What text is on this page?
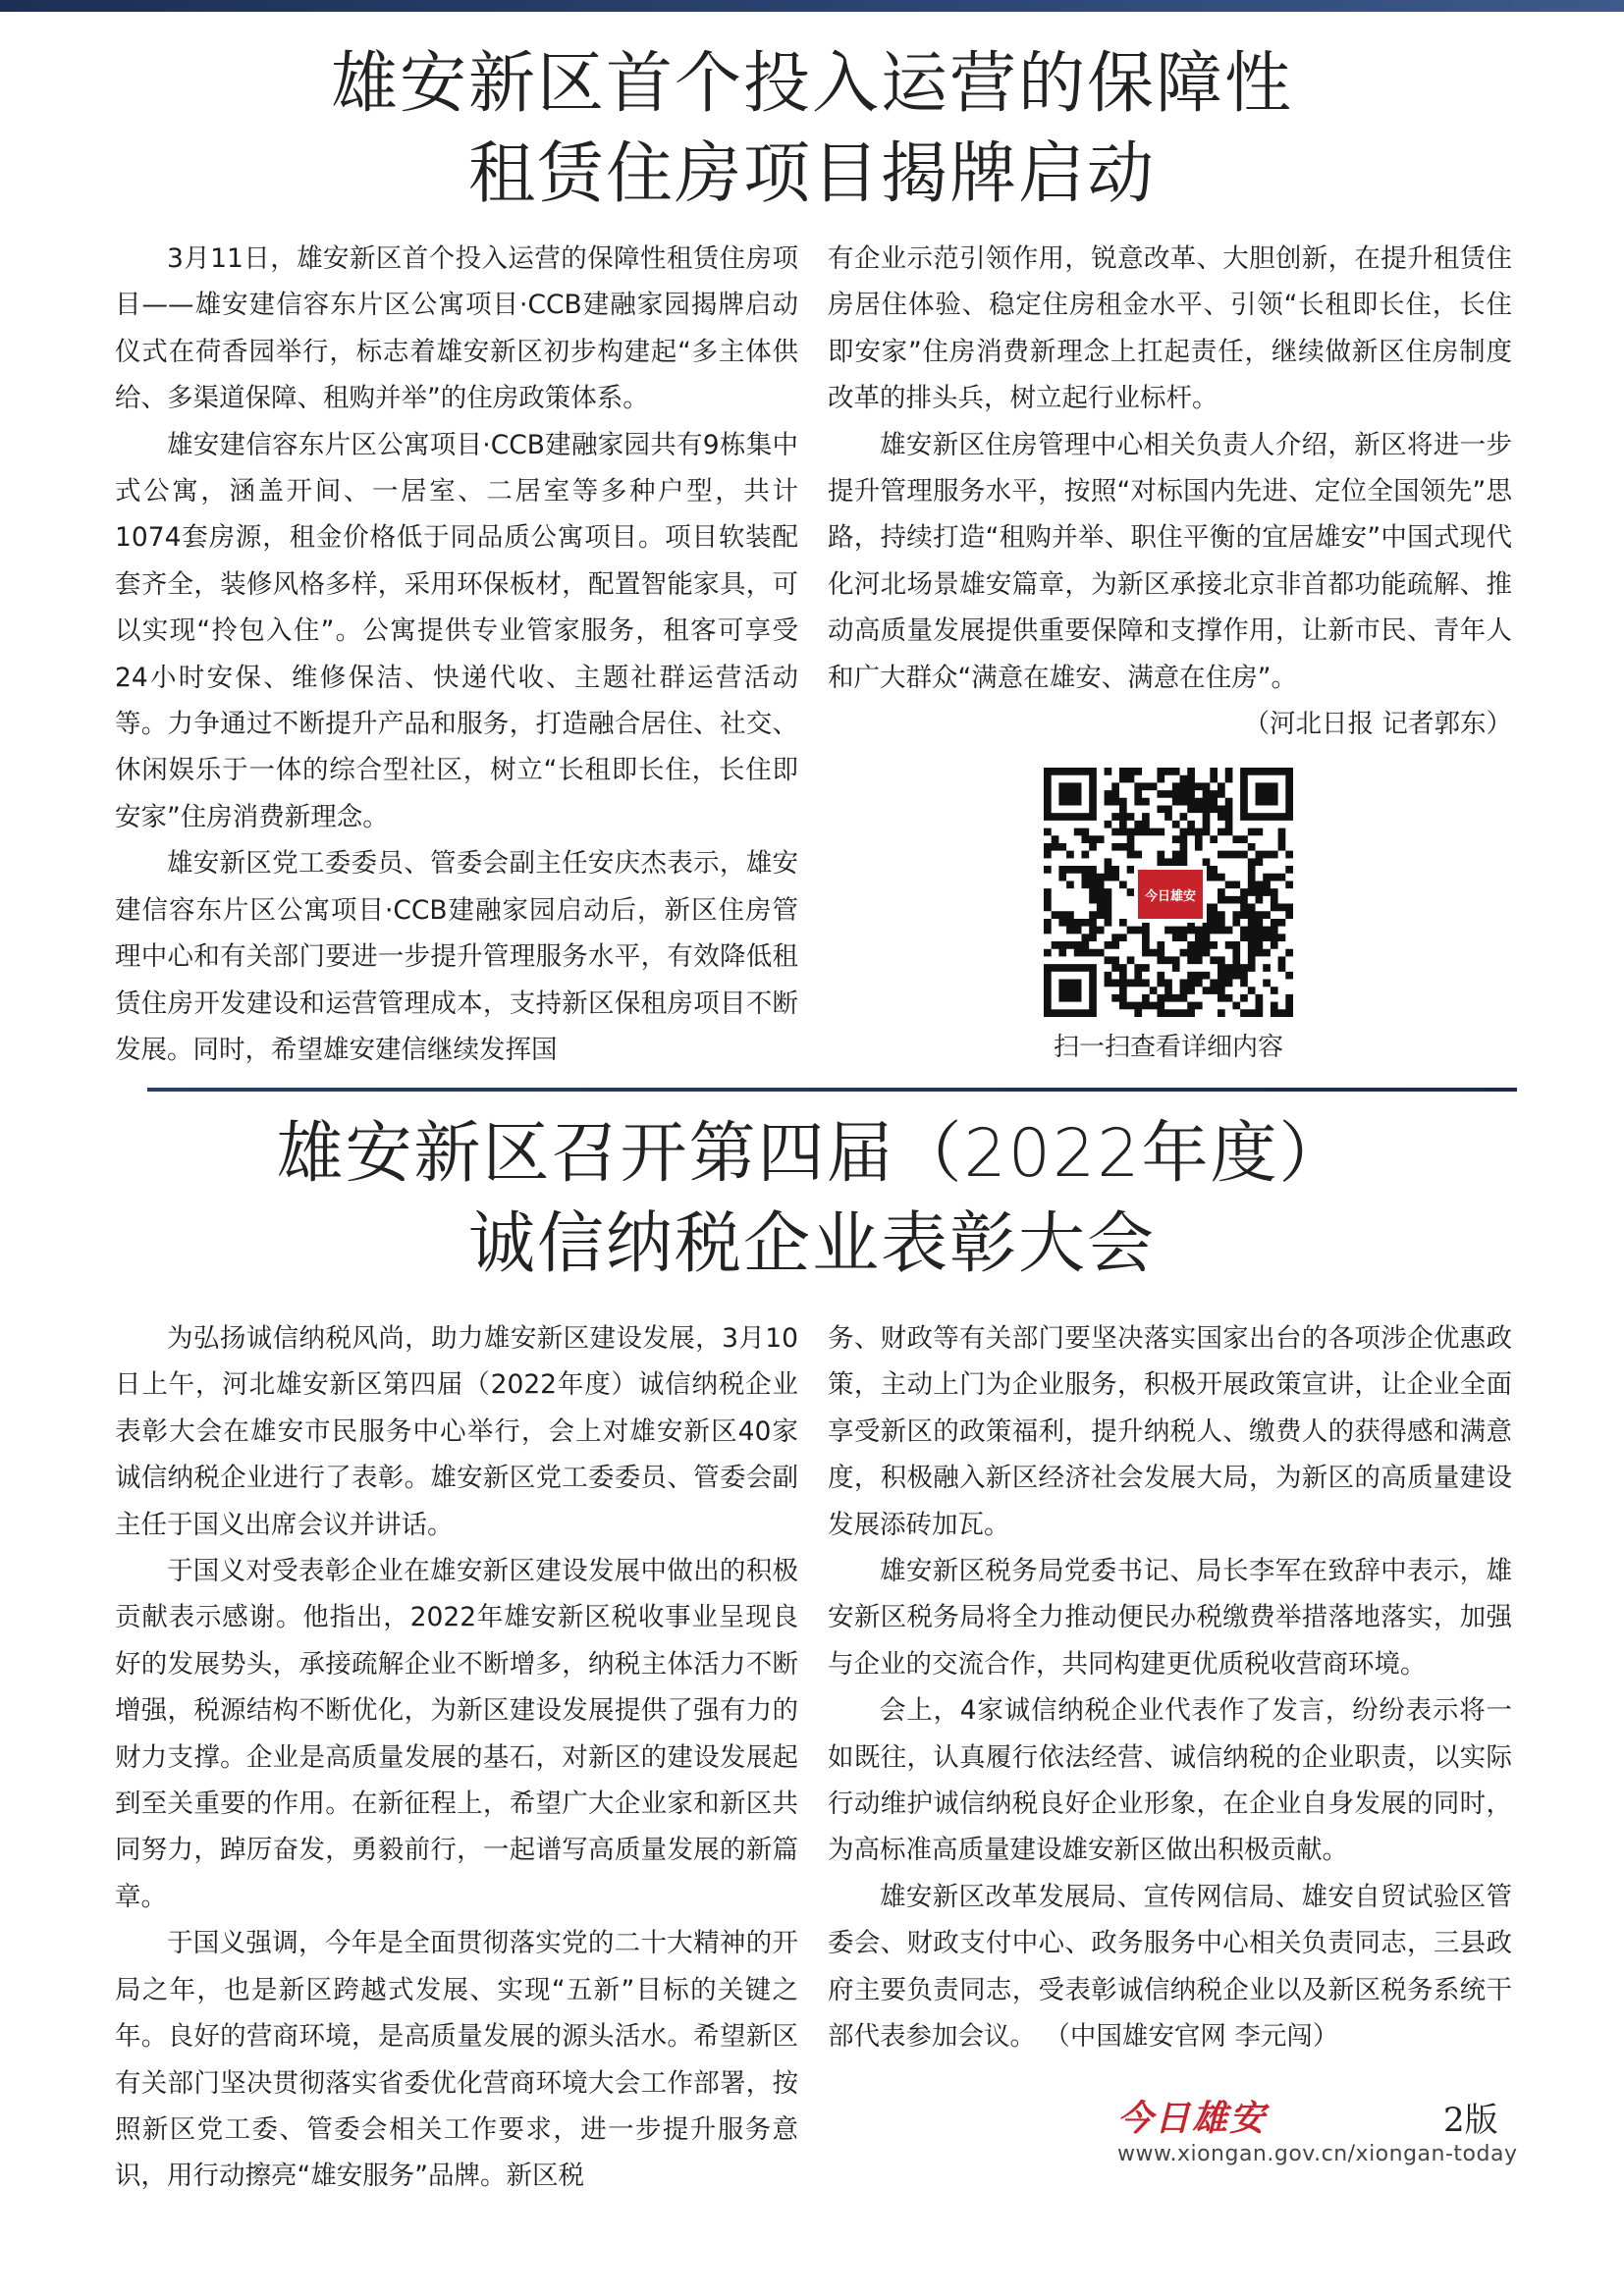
雄安新区首个投入运营的保障性
租赁住房项目揭牌启动

3月11日，雄安新区首个投入运营的保障性租赁住房项目——雄安建信容东片区公寓项目·CCB建融家园揭牌启动仪式在荷香园举行，标志着雄安新区初步构建起“多主体供给、多渠道保障、租购并举”的住房政策体系。

雄安建信容东片区公寓项目·CCB建融家园共有9栋集中式公寓，涵盖开间、一居室、二居室等多种户型，共计1074套房源，租金价格低于同品质公寓项目。项目软装配套齐全，装修风格多样，采用环保板材，配置智能家具，可以实现“拎包入住”。公寓提供专业管家服务，租客可享受24小时安保、维修保洁、快递代收、主题社群运营活动等。力争通过不断提升产品和服务，打造融合居住、社交、休闲娱乐于一体的综合型社区，树立“长租即长住，长住即安家”住房消费新理念。

雄安新区党工委委员、管委会副主任安庆杰表示，雄安建信容东片区公寓项目·CCB建融家园启动后，新区住房管理中心和有关部门要进一步提升管理服务水平，有效降低租赁住房开发建设和运营管理成本，支持新区保租房项目不断发展。同时，希望雄安建信继续发挥国

有企业示范引领作用，锐意改革、大胆创新，在提升租赁住房居住体验、稳定住房租金水平、引领“长租即长住，长住即安家”住房消费新理念上扛起责任，继续做新区住房制度改革的排头兵，树立起行业标杆。

雄安新区住房管理中心相关负责人介绍，新区将进一步提升管理服务水平，按照“对标国内先进、定位全国领先”思路，持续打造“租购并举、职住平衡的宜居雄安”中国式现代化河北场景雄安篇章，为新区承接北京非首都功能疏解、推动高质量发展提供重要保障和支撑作用，让新市民、青年人和广大群众“满意在雄安、满意在住房”。

（河北日报 记者郭东）

今日雄安
扫一扫查看详细内容
雄安新区召开第四届（2022年度）
诚信纳税企业表彰大会

为弘扬诚信纳税风尚，助力雄安新区建设发展，3月10日上午，河北雄安新区第四届（2022年度）诚信纳税企业表彰大会在雄安市民服务中心举行，会上对雄安新区40家诚信纳税企业进行了表彰。雄安新区党工委委员、管委会副主任于国义出席会议并讲话。

于国义对受表彰企业在雄安新区建设发展中做出的积极贡献表示感谢。他指出，2022年雄安新区税收事业呈现良好的发展势头，承接疏解企业不断增多，纳税主体活力不断增强，税源结构不断优化，为新区建设发展提供了强有力的财力支撑。企业是高质量发展的基石，对新区的建设发展起到至关重要的作用。在新征程上，希望广大企业家和新区共同努力，踔厉奋发，勇毅前行，一起谱写高质量发展的新篇章。

于国义强调，今年是全面贯彻落实党的二十大精神的开局之年，也是新区跨越式发展、实现“五新”目标的关键之年。良好的营商环境，是高质量发展的源头活水。希望新区有关部门坚决贯彻落实省委优化营商环境大会工作部署，按照新区党工委、管委会相关工作要求，进一步提升服务意识，用行动擦亮“雄安服务”品牌。新区税

务、财政等有关部门要坚决落实国家出台的各项涉企优惠政策，主动上门为企业服务，积极开展政策宣讲，让企业全面享受新区的政策福利，提升纳税人、缴费人的获得感和满意度，积极融入新区经济社会发展大局，为新区的高质量建设发展添砖加瓦。

雄安新区税务局党委书记、局长李军在致辞中表示，雄安新区税务局将全力推动便民办税缴费举措落地落实，加强与企业的交流合作，共同构建更优质税收营商环境。

会上，4家诚信纳税企业代表作了发言，纷纷表示将一如既往，认真履行依法经营、诚信纳税的企业职责，以实际行动维护诚信纳税良好企业形象，在企业自身发展的同时，为高标准高质量建设雄安新区做出积极贡献。

雄安新区改革发展局、宣传网信局、雄安自贸试验区管委会、财政支付中心、政务服务中心相关负责同志，三县政府主要负责同志，受表彰诚信纳税企业以及新区税务系统干部代表参加会议。 （中国雄安官网 李元闯）

今日雄安	2版
www.xiongan.gov.cn/xiongan-today
